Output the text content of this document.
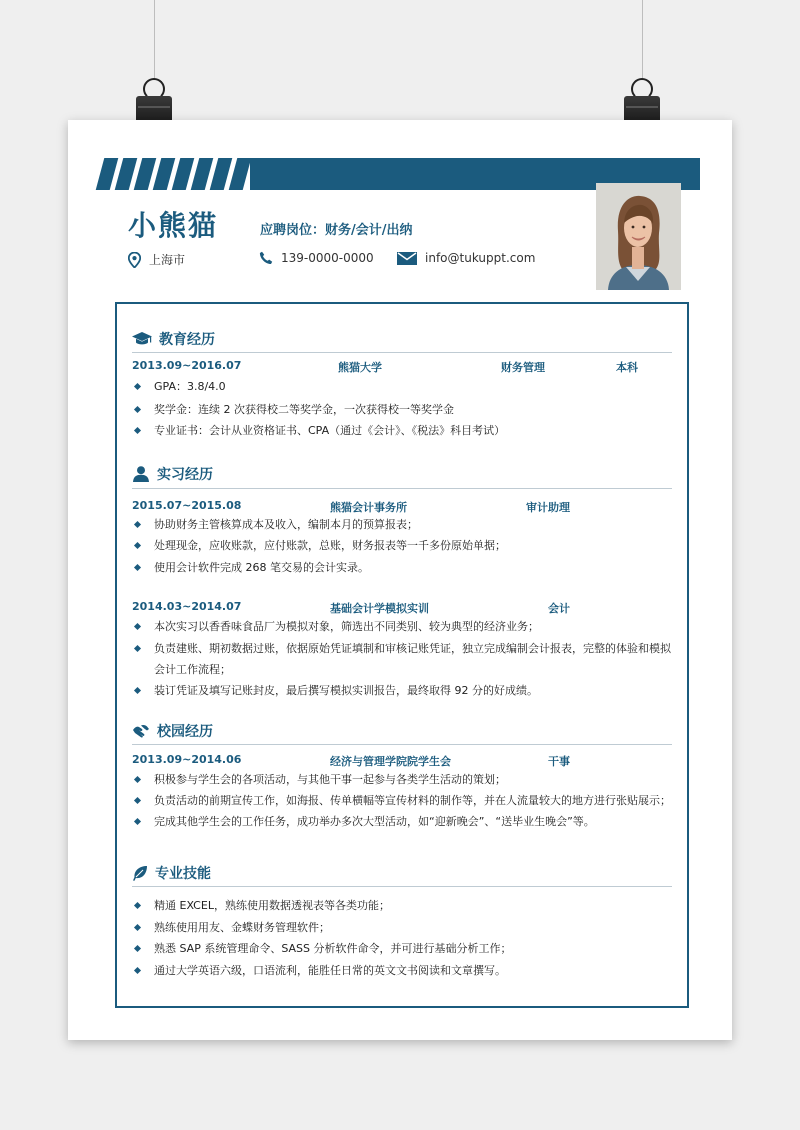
小熊猫	应聘岗位：财务/会计/出纳
上海市	139-0000-0000	info@tukuppt.com
教育经历
2013.09~2016.07	熊猫大学	财务管理	本科
GPA：3.8/4.0
奖学金：连续 2 次获得校二等奖学金，一次获得校一等奖学金
专业证书：会计从业资格证书、CPA（通过《会计》、《税法》科目考试）
实习经历
2015.07~2015.08	熊猫会计事务所	审计助理
协助财务主管核算成本及收入，编制本月的预算报表；
处理现金，应收账款，应付账款，总账，财务报表等一千多份原始单据；
使用会计软件完成 268 笔交易的会计实录。
2014.03~2014.07	基础会计学模拟实训	会计
本次实习以香香味食品厂为模拟对象，筛选出不同类别、较为典型的经济业务；
负责建账、期初数据过账，依据原始凭证填制和审核记账凭证，独立完成编制会计报表，完整的体验和模拟
会计工作流程；
装订凭证及填写记账封皮，最后撰写模拟实训报告，最终取得 92 分的好成绩。
校园经历
2013.09~2014.06	经济与管理学院院学生会	干事
积极参与学生会的各项活动，与其他干事一起参与各类学生活动的策划；
负责活动的前期宣传工作，如海报、传单横幅等宣传材料的制作等，并在人流量较大的地方进行张贴展示；
完成其他学生会的工作任务，成功举办多次大型活动，如“迎新晚会”、“送毕业生晚会”等。
专业技能
精通 EXCEL，熟练使用数据透视表等各类功能；
熟练使用用友、金蝶财务管理软件；
熟悉 SAP 系统管理命令、SASS 分析软件命令，并可进行基础分析工作；
通过大学英语六级，口语流利，能胜任日常的英文文书阅读和文章撰写。
